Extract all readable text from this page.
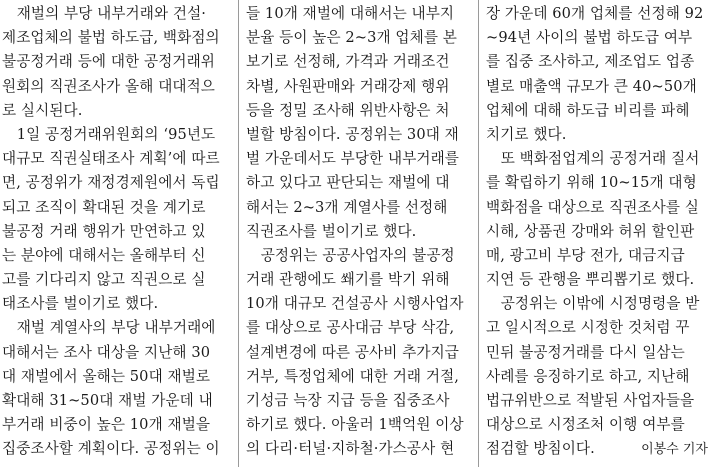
　재벌의 부당 내부거래와 건설·
제조업체의 불법 하도급, 백화점의
불공정거래 등에 대한 공정거래위
원회의 직권조사가 올해 대대적으
로 실시된다.
　1일 공정거래위원회의 ‘95년도
대규모 직권실태조사 계획’에 따르
면, 공정위가 재정경제원에서 독립
되고 조직이 확대된 것을 계기로
불공정 거래 행위가 만연하고 있
는 분야에 대해서는 올해부터 신
고를 기다리지 않고 직권으로 실
태조사를 벌이기로 했다.
　재벌 계열사의 부당 내부거래에
대해서는 조사 대상을 지난해 30
대 재벌에서 올해는 50대 재벌로
확대해 31~50대 재벌 가운데 내
부거래 비중이 높은 10개 재벌을
집중조사할 계획이다. 공정위는 이
들 10개 재벌에 대해서는 내부지
분율 등이 높은 2~3개 업체를 본
보기로 선정해, 가격과 거래조건
차별, 사원판매와 거래강제 행위
등을 정밀 조사해 위반사항은 처
벌할 방침이다. 공정위는 30대 재
벌 가운데서도 부당한 내부거래를
하고 있다고 판단되는 재벌에 대
해서는 2~3개 계열사를 선정해
직권조사를 벌이기로 했다.
　공정위는 공공사업자의 불공정
거래 관행에도 쐐기를 박기 위해
10개 대규모 건설공사 시행사업자
를 대상으로 공사대금 부당 삭감,
설계변경에 따른 공사비 추가지급
거부, 특정업체에 대한 거래 거절,
기성금 늑장 지급 등을 집중조사
하기로 했다. 아울러 1백억원 이상
의 다리·터널·지하철·가스공사 현
장 가운데 60개 업체를 선정해 92
~94년 사이의 불법 하도급 여부
를 집중 조사하고, 제조업도 업종
별로 매출액 규모가 큰 40~50개
업체에 대해 하도급 비리를 파헤
치기로 했다.
　또 백화점업계의 공정거래 질서
를 확립하기 위해 10~15개 대형
백화점을 대상으로 직권조사를 실
시해, 상품권 강매와 허위 할인판
매, 광고비 부당 전가, 대금지급
지연 등 관행을 뿌리뽑기로 했다.
　공정위는 이밖에 시정명령을 받
고 일시적으로 시정한 것처럼 꾸
민뒤 불공정거래를 다시 일삼는
사례를 응징하기로 하고, 지난해
법규위반으로 적발된 사업자들을
대상으로 시정조처 이행 여부를
점검할 방침이다.	이봉수 기자
